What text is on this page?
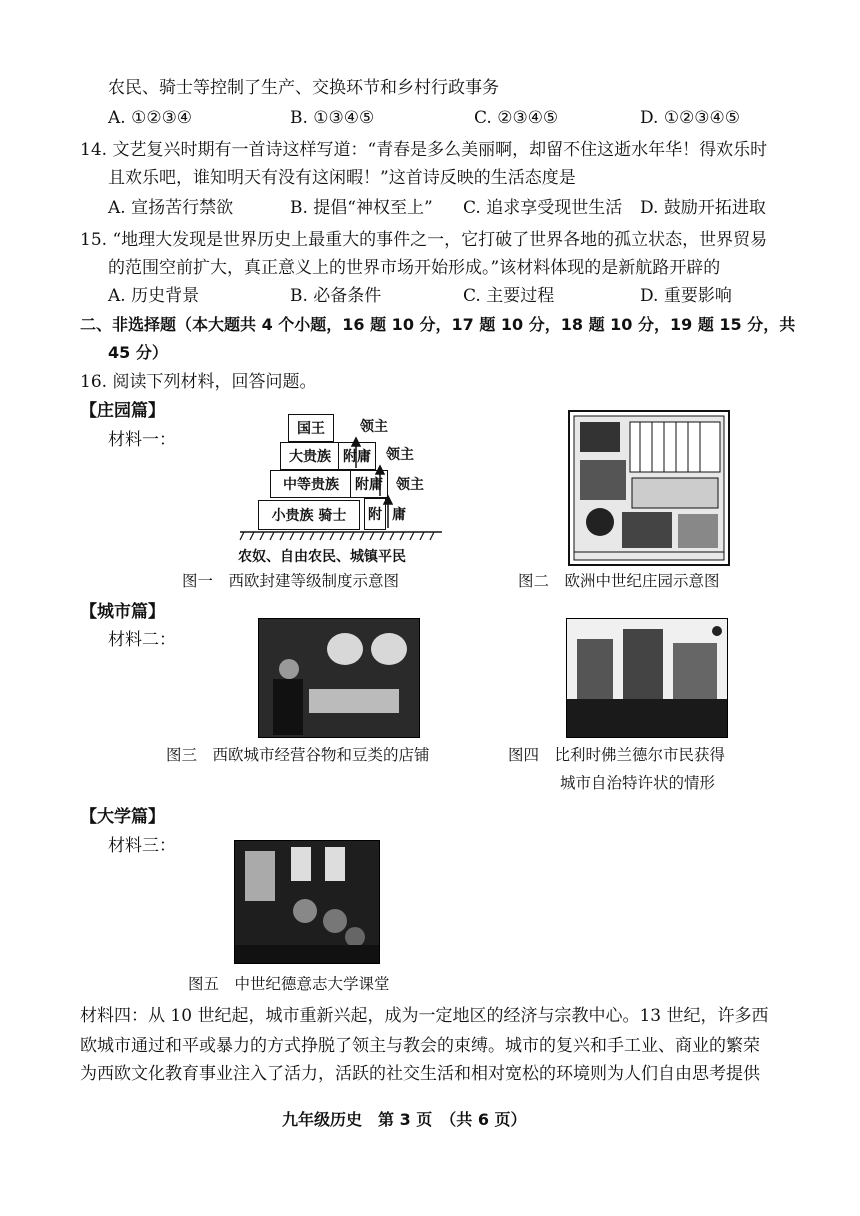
农民、骑士等控制了生产、交换环节和乡村行政事务
A. ①②③④	B. ①③④⑤	C. ②③④⑤	D. ①②③④⑤
14. 文艺复兴时期有一首诗这样写道：“青春是多么美丽啊，却留不住这逝水年华！得欢乐时
且欢乐吧，谁知明天有没有这闲暇！”这首诗反映的生活态度是
A. 宣扬苦行禁欲	B. 提倡“神权至上” C. 追求享受现世生活 D. 鼓励开拓进取
15. “地理大发现是世界历史上最重大的事件之一，它打破了世界各地的孤立状态，世界贸易
的范围空前扩大，真正意义上的世界市场开始形成。”该材料体现的是新航路开辟的
A. 历史背景	B. 必备条件	C. 主要过程	D. 重要影响
二、非选择题（本大题共 4 个小题，16 题 10 分，17 题 10 分，18 题 10 分，19 题 15 分，共
45 分）
16. 阅读下列材料，回答问题。
【庄园篇】
材料一：
国王	领主
大贵族 附庸	领主
中等贵族	附庸 领主
小贵族 骑士	附 庸
农奴、自由农民、城镇平民
图一　西欧封建等级制度示意图	图二　欧洲中世纪庄园示意图
【城市篇】
材料二：
图三　西欧城市经营谷物和豆类的店铺	图四　比利时佛兰德尔市民获得
城市自治特许状的情形
【大学篇】
材料三：
图五　中世纪德意志大学课堂
材料四：从 10 世纪起，城市重新兴起，成为一定地区的经济与宗教中心。13 世纪，许多西
欧城市通过和平或暴力的方式挣脱了领主与教会的束缚。城市的复兴和手工业、商业的繁荣
为西欧文化教育事业注入了活力，活跃的社交生活和相对宽松的环境则为人们自由思考提供
九年级历史　第 3 页　（共 6 页）
